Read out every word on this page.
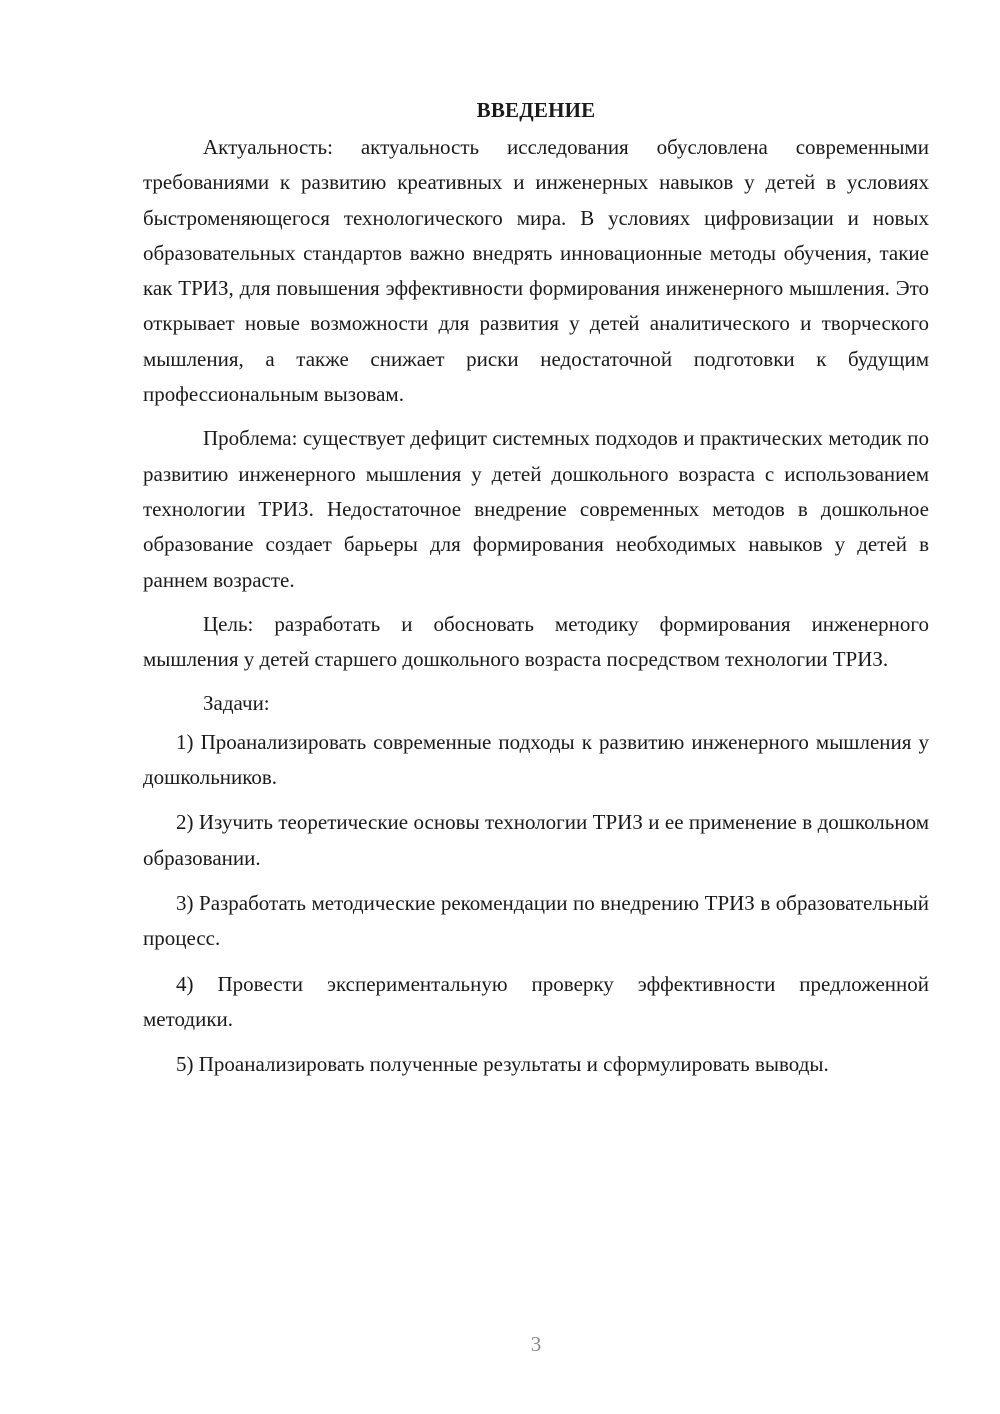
ВВЕДЕНИЕ

Актуальность: актуальность исследования обусловлена современными требованиями к развитию креативных и инженерных навыков у детей в условиях быстроменяющегося технологического мира. В условиях цифровизации и новых образовательных стандартов важно внедрять инновационные методы обучения, такие как ТРИЗ, для повышения эффективности формирования инженерного мышления. Это открывает новые возможности для развития у детей аналитического и творческого мышления, а также снижает риски недостаточной подготовки к будущим профессиональным вызовам.

Проблема: существует дефицит системных подходов и практических методик по развитию инженерного мышления у детей дошкольного возраста с использованием технологии ТРИЗ. Недостаточное внедрение современных методов в дошкольное образование создает барьеры для формирования необходимых навыков у детей в раннем возрасте.

Цель: разработать и обосновать методику формирования инженерного мышления у детей старшего дошкольного возраста посредством технологии ТРИЗ.

Задачи:

1) Проанализировать современные подходы к развитию инженерного мышления у дошкольников.

2) Изучить теоретические основы технологии ТРИЗ и ее применение в дошкольном образовании.

3) Разработать методические рекомендации по внедрению ТРИЗ в образовательный процесс.

4) Провести экспериментальную проверку эффективности предложенной методики.

5) Проанализировать полученные результаты и сформулировать выводы.

3
